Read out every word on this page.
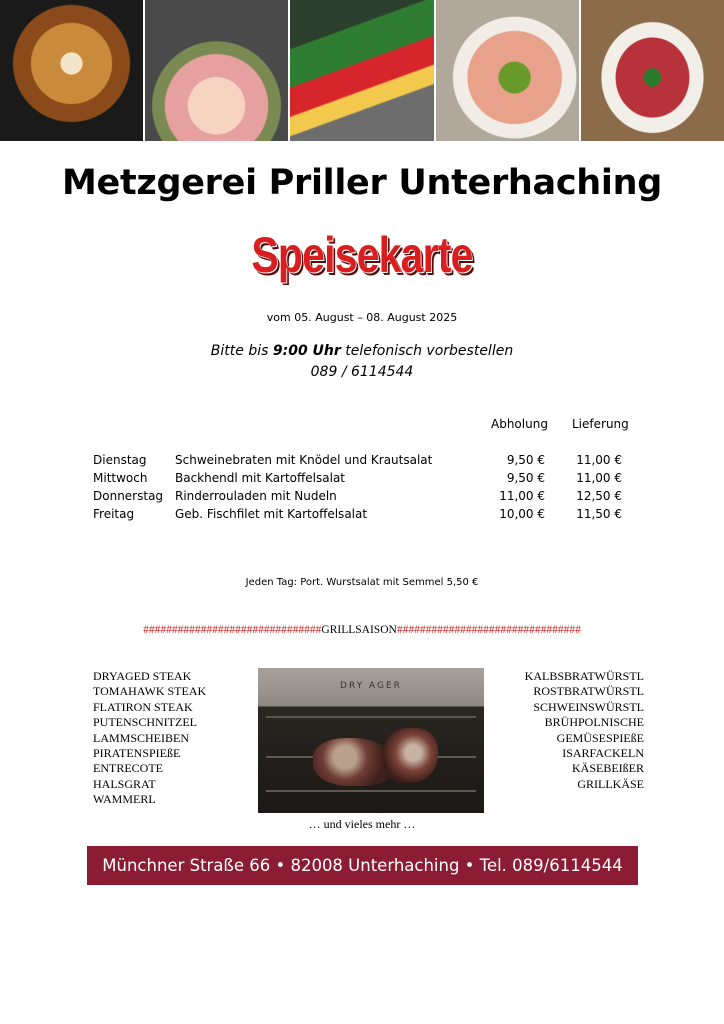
Metzgerei Priller Unterhaching
Speisekarte
vom 05. August – 08. August 2025
Bitte bis 9:00 Uhr telefonisch vorbestellen
089 / 6114544
Abholung Lieferung
Dienstag	Schweinebraten mit Knödel und Krautsalat	9,50 €	11,00 €
Mittwoch	Backhendl mit Kartoffelsalat	9,50 €	11,00 €
Donnerstag Rinderrouladen mit Nudeln	11,00 €	12,50 €
Freitag	Geb. Fischfilet mit Kartoffelsalat	10,00 €	11,50 €
Jeden Tag: Port. Wurstsalat mit Semmel 5,50 €
###############################GRILLSAISON################################
DRYAGED STEAK
TOMAHAWK STEAK
FLATIRON STEAK
PUTENSCHNITZEL
LAMMSCHEIBEN
PIRATENSPIEßE
ENTRECOTE
HALSGRAT
WAMMERL
DRY AGER
KALBSBRATWÜRSTL
ROSTBRATWÜRSTL
SCHWEINSWÜRSTL
BRÜHPOLNISCHE
GEMÜSESPIEßE
ISARFACKELN
KÄSEBEIßER
GRILLKÄSE
… und vieles mehr …
Münchner Straße 66 • 82008 Unterhaching • Tel. 089/6114544
